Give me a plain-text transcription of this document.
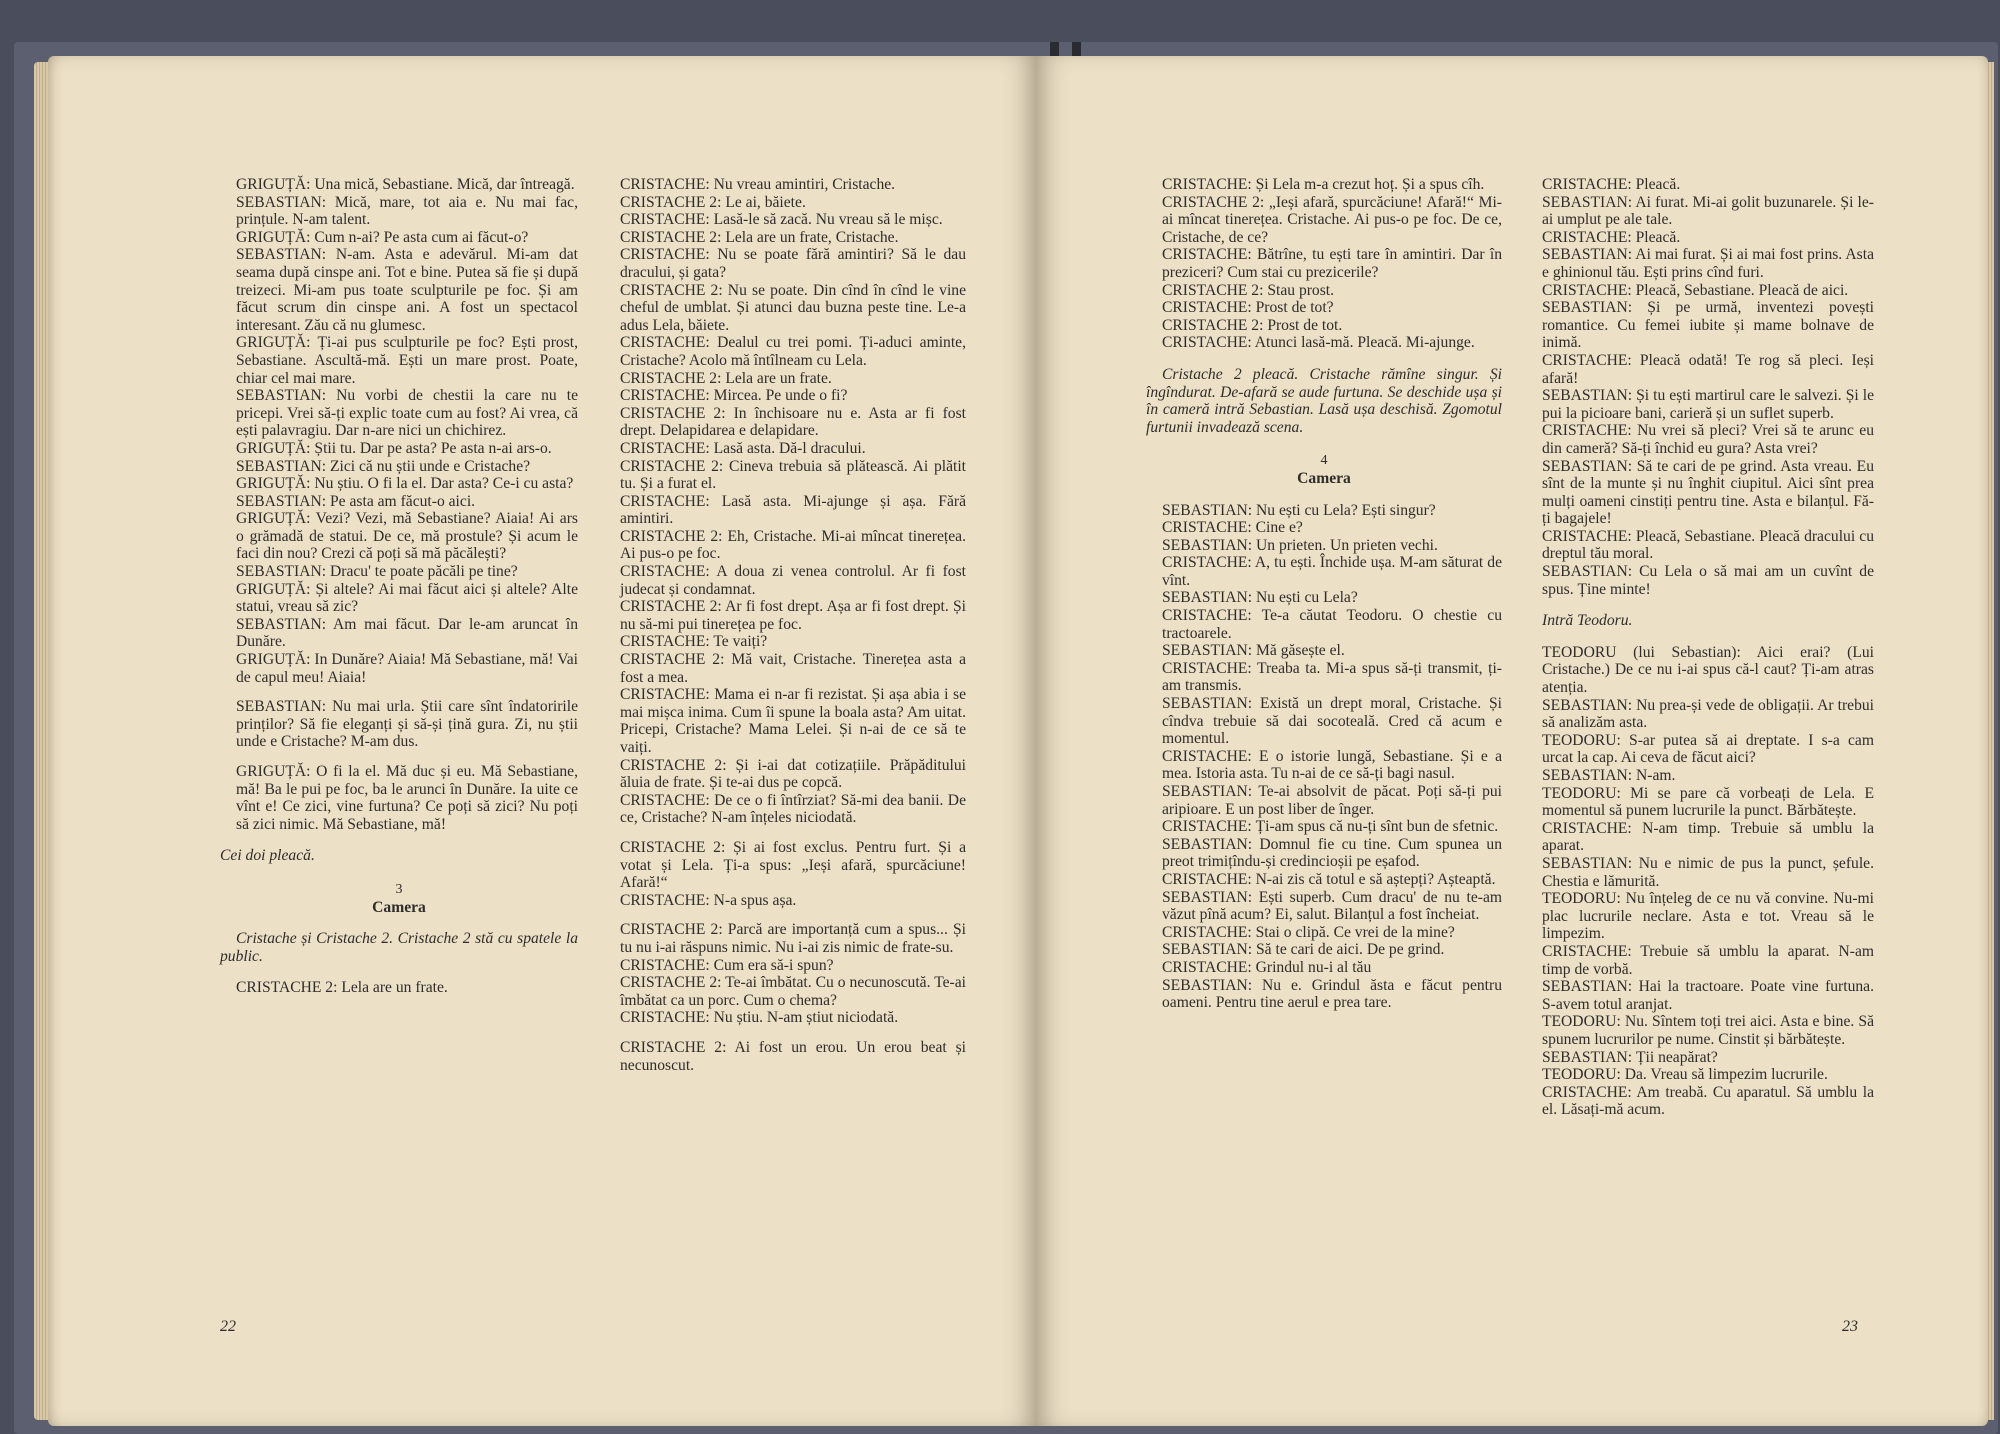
GRIGUȚĂ: Una mică, Sebastiane. Mică, dar întreagă.

SEBASTIAN: Mică, mare, tot aia e. Nu mai fac, prințule. N-am talent.

GRIGUȚĂ: Cum n-ai? Pe asta cum ai făcut-o?

SEBASTIAN: N-am. Asta e adevărul. Mi-am dat seama după cinspe ani. Tot e bine. Putea să fie și după treizeci. Mi-am pus toate sculpturile pe foc. Și am făcut scrum din cinspe ani. A fost un spectacol interesant. Zău că nu glumesc.

GRIGUȚĂ: Ți-ai pus sculpturile pe foc? Ești prost, Sebastiane. Ascultă-mă. Ești un mare prost. Poate, chiar cel mai mare.

SEBASTIAN: Nu vorbi de chestii la care nu te pricepi. Vrei să-ți explic toate cum au fost? Ai vrea, că ești palavragiu. Dar n-are nici un chichirez.

GRIGUȚĂ: Știi tu. Dar pe asta? Pe asta n-ai ars-o.

SEBASTIAN: Zici că nu știi unde e Cristache?

GRIGUȚĂ: Nu știu. O fi la el. Dar asta? Ce-i cu asta?

SEBASTIAN: Pe asta am făcut-o aici.

GRIGUȚĂ: Vezi? Vezi, mă Sebastiane? Aiaia! Ai ars o grămadă de statui. De ce, mă prostule? Și acum le faci din nou? Crezi că poți să mă păcălești?

SEBASTIAN: Dracu' te poate păcăli pe tine?

GRIGUȚĂ: Și altele? Ai mai făcut aici și altele? Alte statui, vreau să zic?

SEBASTIAN: Am mai făcut. Dar le-am aruncat în Dunăre.

GRIGUȚĂ: In Dunăre? Aiaia! Mă Sebastiane, mă! Vai de capul meu! Aiaia!

SEBASTIAN: Nu mai urla. Știi care sînt îndatoririle prinților? Să fie eleganți și să-și țină gura. Zi, nu știi unde e Cristache? M-am dus.

GRIGUȚĂ: O fi la el. Mă duc și eu. Mă Sebastiane, mă! Ba le pui pe foc, ba le arunci în Dunăre. Ia uite ce vînt e! Ce zici, vine furtuna? Ce poți să zici? Nu poți să zici nimic. Mă Sebastiane, mă!

Cei doi pleacă.

3

Camera

Cristache și Cristache 2. Cristache 2 stă cu spatele la public.

CRISTACHE 2: Lela are un frate.

CRISTACHE: Nu vreau amintiri, Cristache.

CRISTACHE 2: Le ai, băiete.

CRISTACHE: Lasă-le să zacă. Nu vreau să le mișc.

CRISTACHE 2: Lela are un frate, Cristache.

CRISTACHE: Nu se poate fără amintiri? Să le dau dracului, și gata?

CRISTACHE 2: Nu se poate. Din cînd în cînd le vine cheful de umblat. Și atunci dau buzna peste tine. Le-a adus Lela, băiete.

CRISTACHE: Dealul cu trei pomi. Ți-aduci aminte, Cristache? Acolo mă întîlneam cu Lela.

CRISTACHE 2: Lela are un frate.

CRISTACHE: Mircea. Pe unde o fi?

CRISTACHE 2: In închisoare nu e. Asta ar fi fost drept. Delapidarea e delapidare.

CRISTACHE: Lasă asta. Dă-l dracului.

CRISTACHE 2: Cineva trebuia să plătească. Ai plătit tu. Și a furat el.

CRISTACHE: Lasă asta. Mi-ajunge și așa. Fără amintiri.

CRISTACHE 2: Eh, Cristache. Mi-ai mîncat tinerețea. Ai pus-o pe foc.

CRISTACHE: A doua zi venea controlul. Ar fi fost judecat și condamnat.

CRISTACHE 2: Ar fi fost drept. Așa ar fi fost drept. Și nu să-mi pui tinerețea pe foc.

CRISTACHE: Te vaiți?

CRISTACHE 2: Mă vait, Cristache. Tinerețea asta a fost a mea.

CRISTACHE: Mama ei n-ar fi rezistat. Și așa abia i se mai mișca inima. Cum îi spune la boala asta? Am uitat. Pricepi, Cristache? Mama Lelei. Și n-ai de ce să te vaiți.

CRISTACHE 2: Și i-ai dat cotizațiile. Prăpăditului ăluia de frate. Și te-ai dus pe copcă.

CRISTACHE: De ce o fi întîrziat? Să-mi dea banii. De ce, Cristache? N-am înțeles niciodată.

CRISTACHE 2: Și ai fost exclus. Pentru furt. Și a votat și Lela. Ți-a spus: „Ieși afară, spurcăciune! Afară!“

CRISTACHE: N-a spus așa.

CRISTACHE 2: Parcă are importanță cum a spus... Și tu nu i-ai răspuns nimic. Nu i-ai zis nimic de frate-su.

CRISTACHE: Cum era să-i spun?

CRISTACHE 2: Te-ai îmbătat. Cu o necunoscută. Te-ai îmbătat ca un porc. Cum o chema?

CRISTACHE: Nu știu. N-am știut niciodată.

CRISTACHE 2: Ai fost un erou. Un erou beat și necunoscut.

22

CRISTACHE: Și Lela m-a crezut hoț. Și a spus cîh.

CRISTACHE 2: „Ieși afară, spurcăciune! Afară!“ Mi-ai mîncat tinerețea. Cristache. Ai pus-o pe foc. De ce, Cristache, de ce?

CRISTACHE: Bătrîne, tu ești tare în amintiri. Dar în preziceri? Cum stai cu prezicerile?

CRISTACHE 2: Stau prost.

CRISTACHE: Prost de tot?

CRISTACHE 2: Prost de tot.

CRISTACHE: Atunci lasă-mă. Pleacă. Mi-ajunge.

Cristache 2 pleacă. Cristache rămîne singur. Și îngîndurat. De-afară se aude furtuna. Se deschide ușa și în cameră intră Sebastian. Lasă ușa deschisă. Zgomotul furtunii invadează scena.

4

Camera

SEBASTIAN: Nu ești cu Lela? Ești singur?

CRISTACHE: Cine e?

SEBASTIAN: Un prieten. Un prieten vechi.

CRISTACHE: A, tu ești. Închide ușa. M-am săturat de vînt.

SEBASTIAN: Nu ești cu Lela?

CRISTACHE: Te-a căutat Teodoru. O chestie cu tractoarele.

SEBASTIAN: Mă găsește el.

CRISTACHE: Treaba ta. Mi-a spus să-ți transmit, ți-am transmis.

SEBASTIAN: Există un drept moral, Cristache. Și cîndva trebuie să dai socoteală. Cred că acum e momentul.

CRISTACHE: E o istorie lungă, Sebastiane. Și e a mea. Istoria asta. Tu n-ai de ce să-ți bagi nasul.

SEBASTIAN: Te-ai absolvit de păcat. Poți să-ți pui aripioare. E un post liber de înger.

CRISTACHE: Ți-am spus că nu-ți sînt bun de sfetnic.

SEBASTIAN: Domnul fie cu tine. Cum spunea un preot trimițîndu-și credincioșii pe eșafod.

CRISTACHE: N-ai zis că totul e să aștepți? Așteaptă.

SEBASTIAN: Ești superb. Cum dracu' de nu te-am văzut pînă acum? Ei, salut. Bilanțul a fost încheiat.

CRISTACHE: Stai o clipă. Ce vrei de la mine?

SEBASTIAN: Să te cari de aici. De pe grind.

CRISTACHE: Grindul nu-i al tău

SEBASTIAN: Nu e. Grindul ăsta e făcut pentru oameni. Pentru tine aerul e prea tare.

CRISTACHE: Pleacă.

SEBASTIAN: Ai furat. Mi-ai golit buzunarele. Și le-ai umplut pe ale tale.

CRISTACHE: Pleacă.

SEBASTIAN: Ai mai furat. Și ai mai fost prins. Asta e ghinionul tău. Ești prins cînd furi.

CRISTACHE: Pleacă, Sebastiane. Pleacă de aici.

SEBASTIAN: Și pe urmă, inventezi povești romantice. Cu femei iubite și mame bolnave de inimă.

CRISTACHE: Pleacă odată! Te rog să pleci. Ieși afară!

SEBASTIAN: Și tu ești martirul care le salvezi. Și le pui la picioare bani, carieră și un suflet superb.

CRISTACHE: Nu vrei să pleci? Vrei să te arunc eu din cameră? Să-ți închid eu gura? Asta vrei?

SEBASTIAN: Să te cari de pe grind. Asta vreau. Eu sînt de la munte și nu înghit ciupitul. Aici sînt prea mulți oameni cinstiți pentru tine. Asta e bilanțul. Fă-ți bagajele!

CRISTACHE: Pleacă, Sebastiane. Pleacă dracului cu dreptul tău moral.

SEBASTIAN: Cu Lela o să mai am un cuvînt de spus. Ține minte!

Intră Teodoru.

TEODORU (lui Sebastian): Aici erai? (Lui Cristache.) De ce nu i-ai spus că-l caut? Ți-am atras atenția.

SEBASTIAN: Nu prea-și vede de obligații. Ar trebui să analizăm asta.

TEODORU: S-ar putea să ai dreptate. I s-a cam urcat la cap. Ai ceva de făcut aici?

SEBASTIAN: N-am.

TEODORU: Mi se pare că vorbeați de Lela. E momentul să punem lucrurile la punct. Bărbătește.

CRISTACHE: N-am timp. Trebuie să umblu la aparat.

SEBASTIAN: Nu e nimic de pus la punct, șefule. Chestia e lămurită.

TEODORU: Nu înțeleg de ce nu vă convine. Nu-mi plac lucrurile neclare. Asta e tot. Vreau să le limpezim.

CRISTACHE: Trebuie să umblu la aparat. N-am timp de vorbă.

SEBASTIAN: Hai la tractoare. Poate vine furtuna. S-avem totul aranjat.

TEODORU: Nu. Sîntem toți trei aici. Asta e bine. Să spunem lucrurilor pe nume. Cinstit și bărbătește.

SEBASTIAN: Ții neapărat?

TEODORU: Da. Vreau să limpezim lucrurile.

CRISTACHE: Am treabă. Cu aparatul. Să umblu la el. Lăsați-mă acum.

23
